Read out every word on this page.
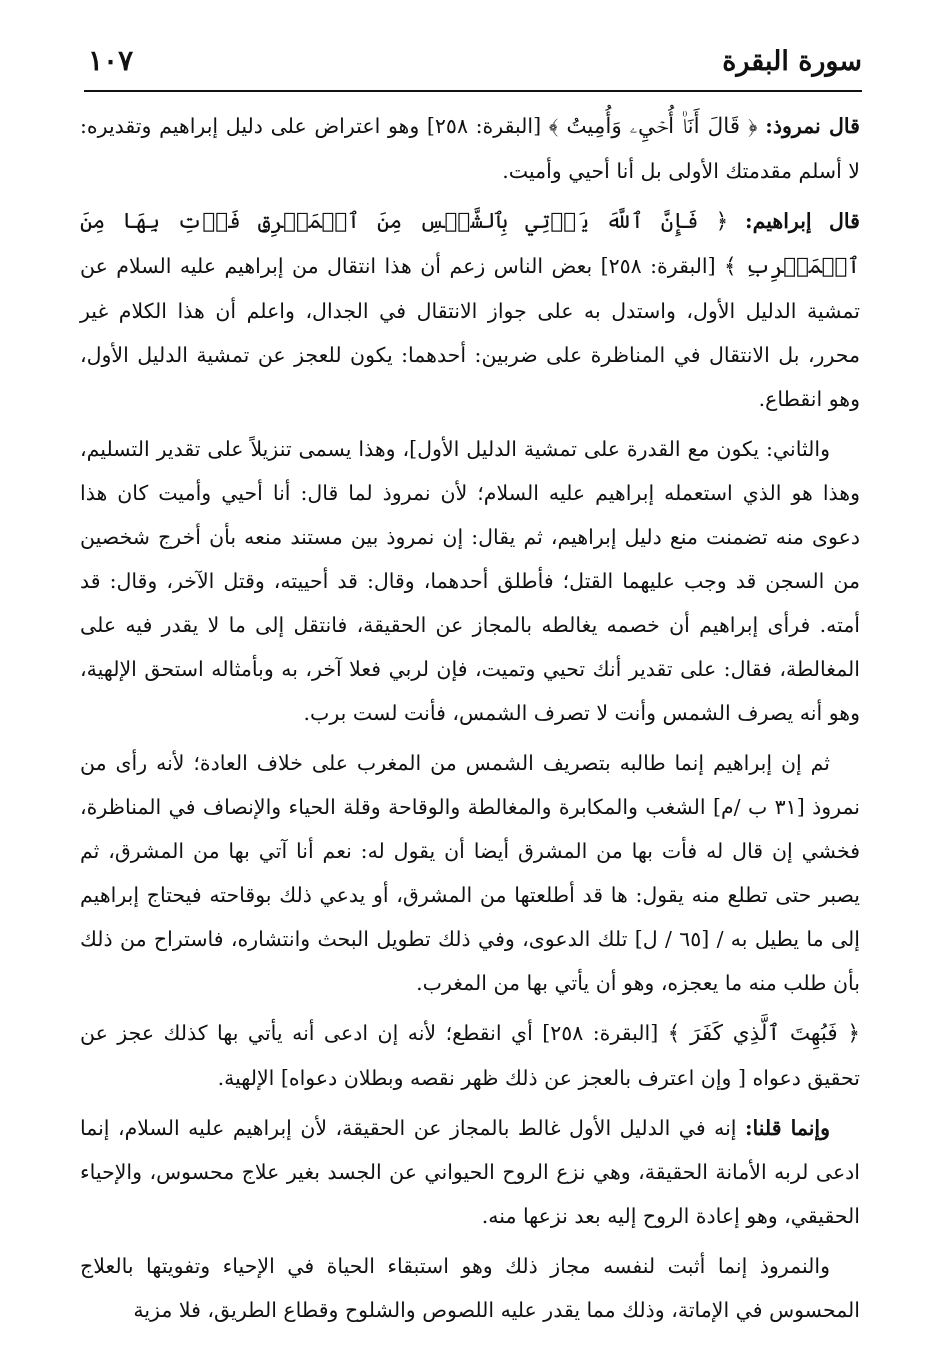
سورة البقرة
١٠٧

قال نمروذ: ﴿ قَالَ أَنَا۠ أُحۡيِۦ وَأُمِيتُ ﴾ [البقرة: ٢٥٨] وهو اعتراض على دليل إبراهيم وتقديره: لا أسلم مقدمتك الأولى بل أنا أحيي وأميت.

قال إبراهيم: ﴿ فَإِنَّ ٱللَّهَ يَأۡتِي بِٱلشَّمۡسِ مِنَ ٱلۡمَشۡرِقِ فَأۡتِ بِهَا مِنَ ٱلۡمَغۡرِبِ ﴾ [البقرة: ٢٥٨] بعض الناس زعم أن هذا انتقال من إبراهيم عليه السلام عن تمشية الدليل الأول، واستدل به على جواز الانتقال في الجدال، واعلم أن هذا الكلام غير محرر، بل الانتقال في المناظرة على ضربين: أحدهما: يكون للعجز عن تمشية الدليل الأول، وهو انقطاع.

والثاني: يكون مع القدرة على تمشية الدليل الأول]، وهذا يسمى تنزيلاً على تقدير التسليم، وهذا هو الذي استعمله إبراهيم عليه السلام؛ لأن نمروذ لما قال: أنا أحيي وأميت كان هذا دعوى منه تضمنت منع دليل إبراهيم، ثم يقال: إن نمروذ بين مستند منعه بأن أخرج شخصين من السجن قد وجب عليهما القتل؛ فأطلق أحدهما، وقال: قد أحييته، وقتل الآخر، وقال: قد أمته. فرأى إبراهيم أن خصمه يغالطه بالمجاز عن الحقيقة، فانتقل إلى ما لا يقدر فيه على المغالطة، فقال: على تقدير أنك تحيي وتميت، فإن لربي فعلا آخر، به وبأمثاله استحق الإلهية، وهو أنه يصرف الشمس وأنت لا تصرف الشمس، فأنت لست برب.

ثم إن إبراهيم إنما طالبه بتصريف الشمس من المغرب على خلاف العادة؛ لأنه رأى من نمروذ [٣١ ب /م] الشغب والمكابرة والمغالطة والوقاحة وقلة الحياء والإنصاف في المناظرة، فخشي إن قال له فأت بها من المشرق أيضا أن يقول له: نعم أنا آتي بها من المشرق، ثم يصبر حتى تطلع منه يقول: ها قد أطلعتها من المشرق، أو يدعي ذلك بوقاحته فيحتاج إبراهيم إلى ما يطيل به / [٦٥ / ل] تلك الدعوى، وفي ذلك تطويل البحث وانتشاره، فاستراح من ذلك بأن طلب منه ما يعجزه، وهو أن يأتي بها من المغرب.

﴿ فَبُهِتَ ٱلَّذِي كَفَرَ ﴾ [البقرة: ٢٥٨] أي انقطع؛ لأنه إن ادعى أنه يأتي بها كذلك عجز عن تحقيق دعواه [ وإن اعترف بالعجز عن ذلك ظهر نقصه وبطلان دعواه] الإلهية.

وإنما قلنا: إنه في الدليل الأول غالط بالمجاز عن الحقيقة، لأن إبراهيم عليه السلام، إنما ادعى لربه الأمانة الحقيقة، وهي نزع الروح الحيواني عن الجسد بغير علاج محسوس، والإحياء الحقيقي، وهو إعادة الروح إليه بعد نزعها منه.

والنمروذ إنما أثبت لنفسه مجاز ذلك وهو استبقاء الحياة في الإحياء وتفويتها بالعلاج المحسوس في الإماتة، وذلك مما يقدر عليه اللصوص والشلوح وقطاع الطريق، فلا مزية
